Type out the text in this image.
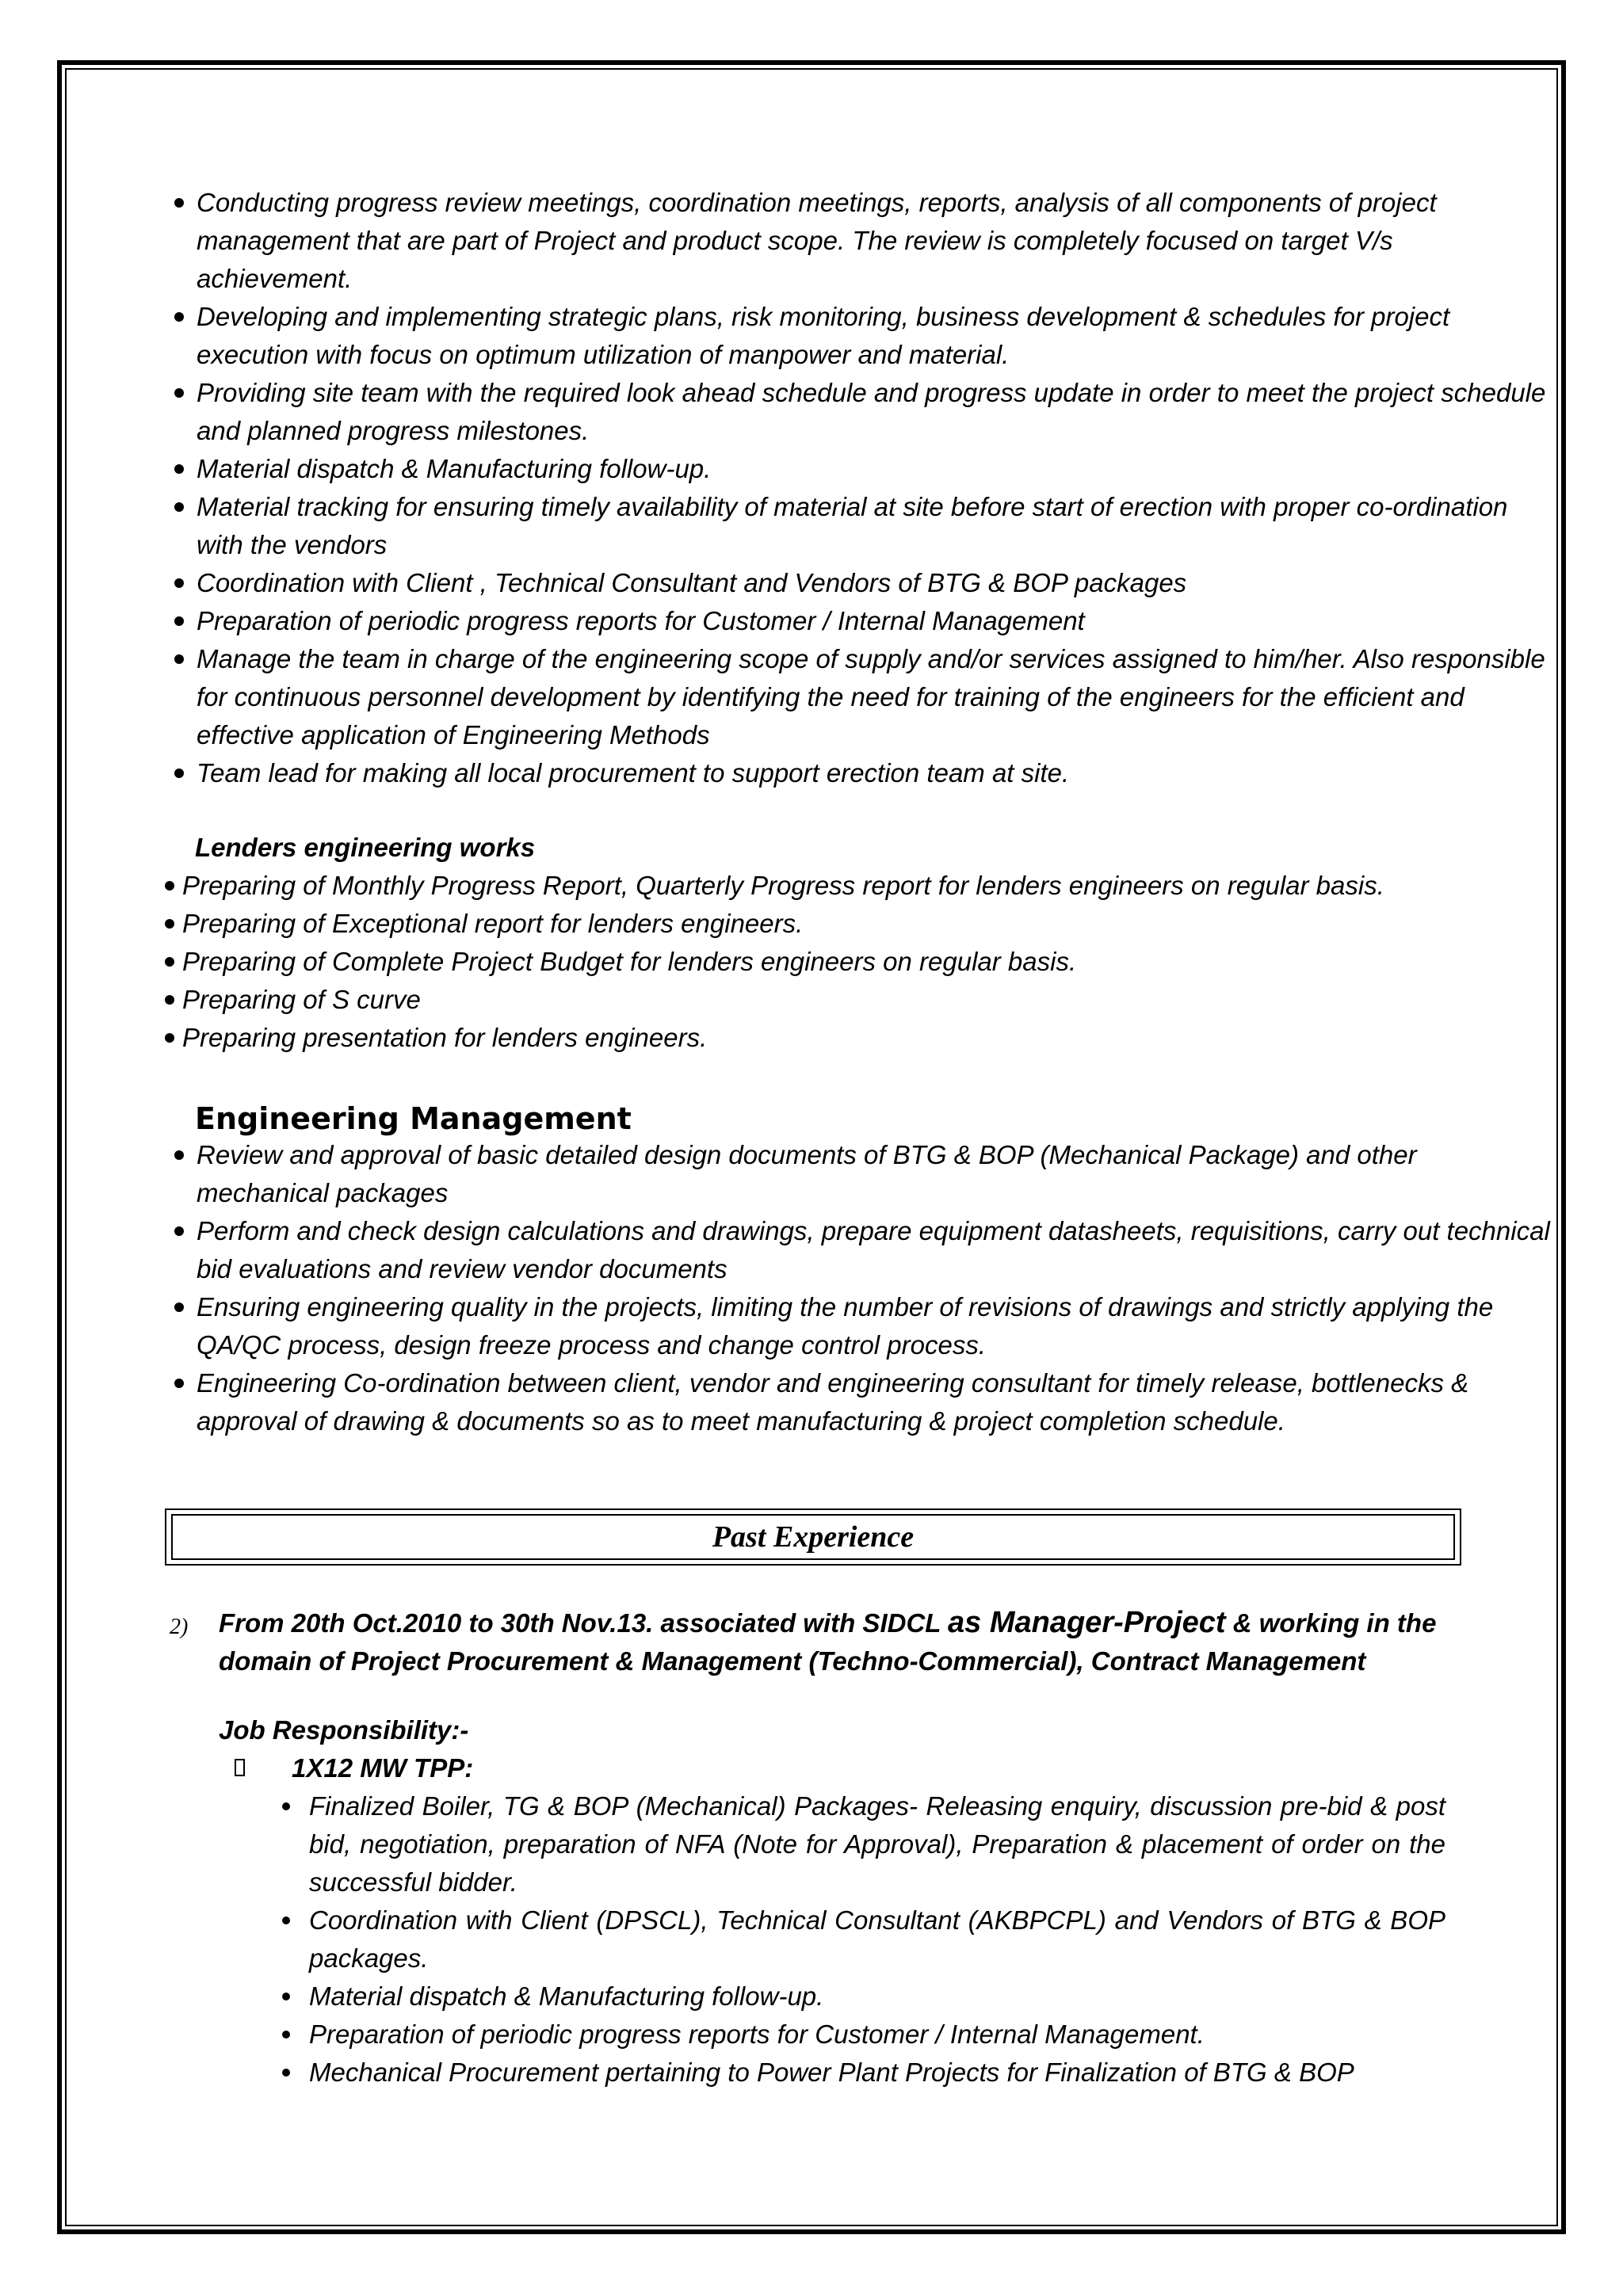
Conducting progress review meetings, coordination meetings, reports, analysis of all components of project management that are part of Project and product scope. The review is completely focused on target V/s achievement.
Developing and implementing strategic plans, risk monitoring, business development & schedules for project execution with focus on optimum utilization of manpower and material.
Providing site team with the required look ahead schedule and progress update in order to meet the project schedule and planned progress milestones.
Material dispatch & Manufacturing follow-up.
Material tracking for ensuring timely availability of material at site before start of erection with proper co-ordination with the vendors
Coordination with Client , Technical Consultant and Vendors of BTG & BOP packages
Preparation of periodic progress reports for Customer / Internal Management
Manage the team in charge of the engineering scope of supply and/or services assigned to him/her. Also responsible for continuous personnel development by identifying the need for training of the engineers for the efficient and effective application of Engineering Methods
Team lead for making all local procurement to support erection team at site.
Lenders engineering works
Preparing of Monthly Progress Report, Quarterly Progress report for lenders engineers on regular basis.
Preparing of Exceptional report for lenders engineers.
Preparing of Complete Project Budget for lenders engineers on regular basis.
Preparing of S curve
Preparing presentation for lenders engineers.
Engineering Management
Review and approval of basic detailed design documents of BTG & BOP (Mechanical Package) and other mechanical packages
Perform and check design calculations and drawings, prepare equipment datasheets, requisitions, carry out technical bid evaluations and review vendor documents
Ensuring engineering quality in the projects, limiting the number of revisions of drawings and strictly applying the QA/QC process, design freeze process and change control process.
Engineering Co-ordination between client, vendor and engineering consultant for timely release, bottlenecks & approval of drawing & documents so as to meet manufacturing & project completion schedule.
Past Experience
2) From 20th Oct.2010 to 30th Nov.13. associated with SIDCL as Manager-Project & working in the domain of Project Procurement & Management (Techno-Commercial), Contract Management
Job Responsibility:-
1X12 MW TPP:
Finalized Boiler, TG & BOP (Mechanical) Packages- Releasing enquiry, discussion pre-bid & post bid, negotiation, preparation of NFA (Note for Approval), Preparation & placement of order on the successful bidder.
Coordination with Client (DPSCL), Technical Consultant (AKBPCPL) and Vendors of BTG & BOP packages.
Material dispatch & Manufacturing follow-up.
Preparation of periodic progress reports for Customer / Internal Management.
Mechanical Procurement pertaining to Power Plant Projects for Finalization of BTG & BOP
